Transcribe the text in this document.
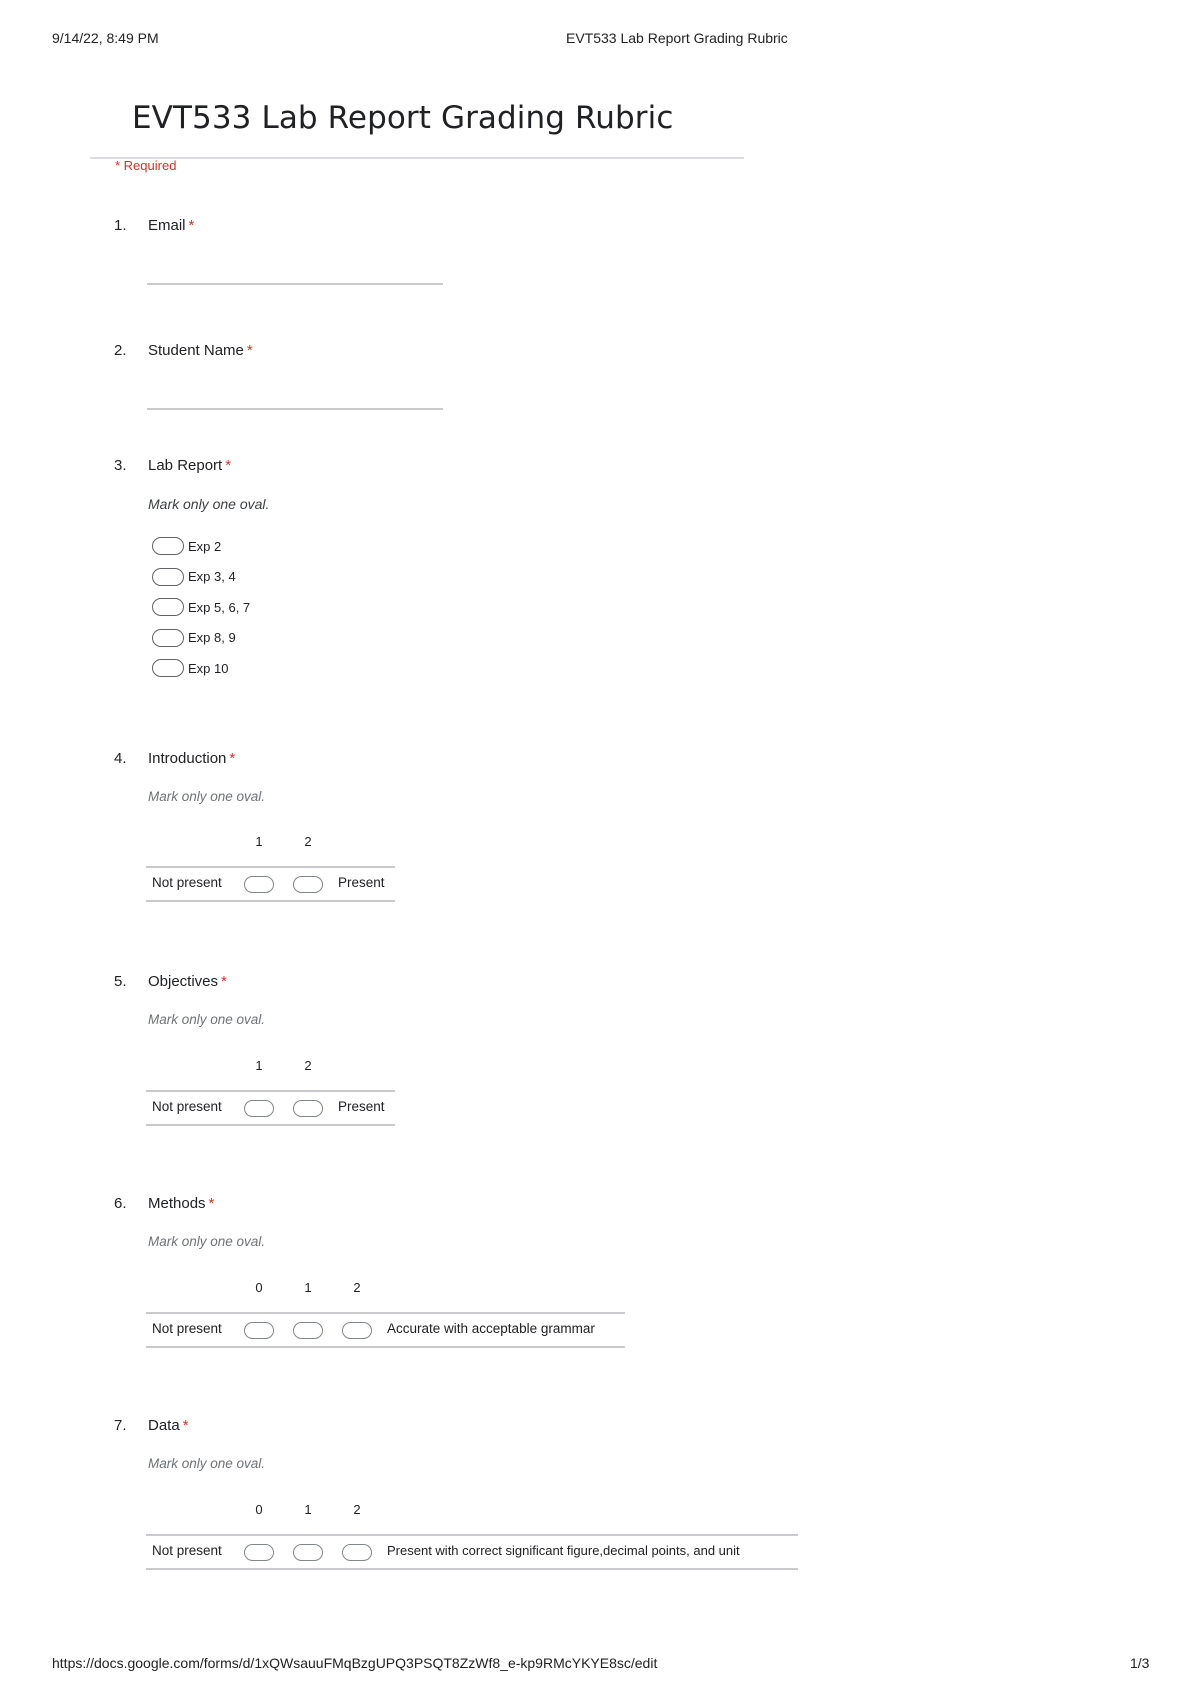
9/14/22, 8:49 PM	EVT533 Lab Report Grading Rubric
EVT533 Lab Report Grading Rubric
* Required
1. Email *
2. Student Name *
3. Lab Report *
Mark only one oval.
Exp 2
Exp 3, 4
Exp 5, 6, 7
Exp 8, 9
Exp 10
4. Introduction *
Mark only one oval.
1	2
Not present	Present
5. Objectives *
Mark only one oval.
1	2
Not present	Present
6. Methods *
Mark only one oval.
0	1	2
Not present	Accurate with acceptable grammar
7. Data *
Mark only one oval.
0	1	2
Not present	Present with correct significant figure,decimal points, and unit
https://docs.google.com/forms/d/1xQWsauuFMqBzgUPQ3PSQT8ZzWf8_e-kp9RMcYKYE8sc/edit	1/3
